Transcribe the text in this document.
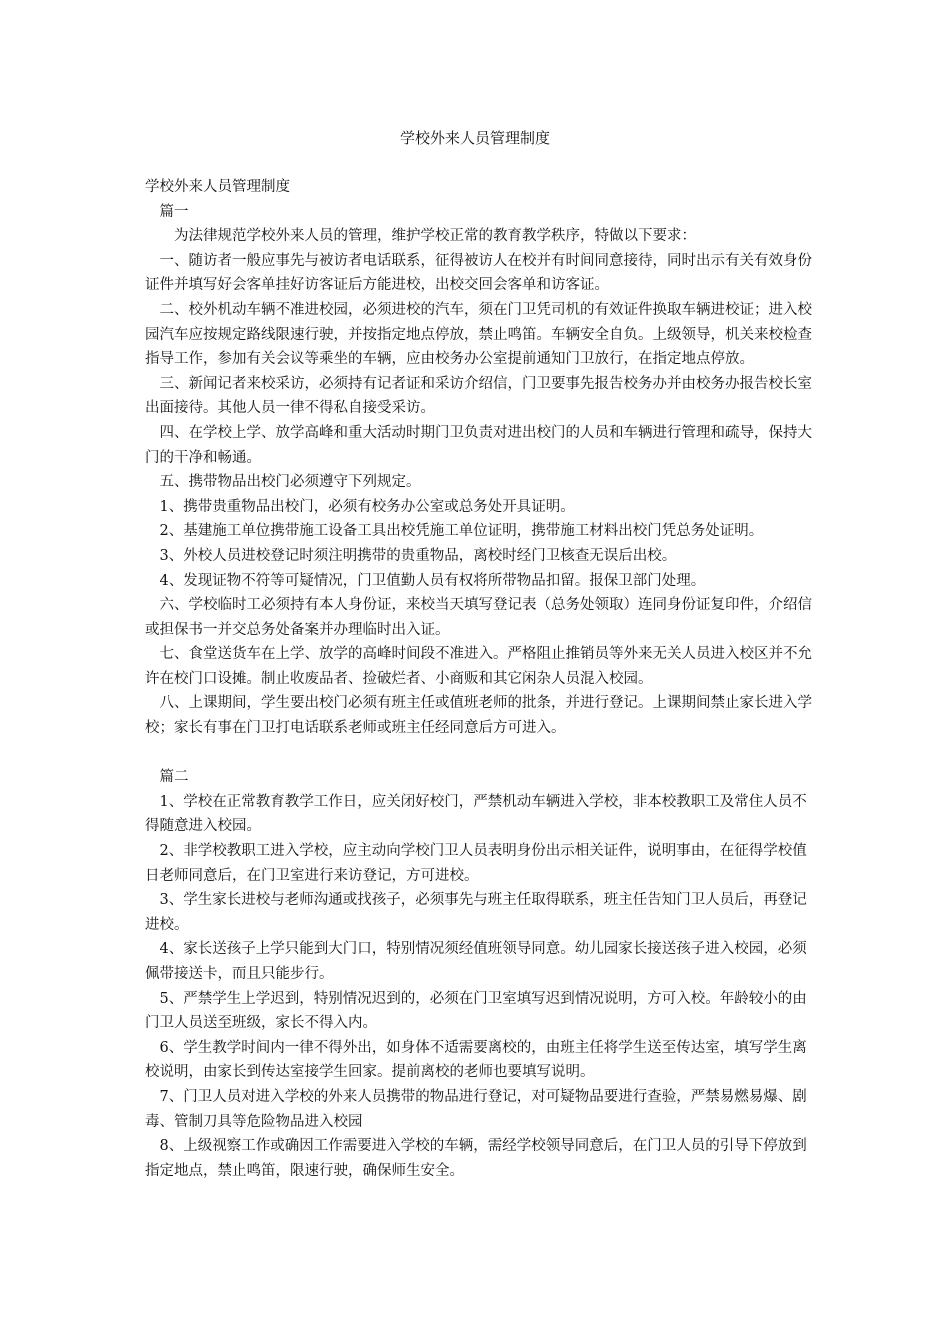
学校外来人员管理制度

学校外来人员管理制度

篇一

为法律规范学校外来人员的管理，维护学校正常的教育教学秩序，特做以下要求：

一、随访者一般应事先与被访者电话联系，征得被访人在校并有时间同意接待，同时出示有关有效身份证件并填写好会客单挂好访客证后方能进校，出校交回会客单和访客证。

二、校外机动车辆不准进校园，必须进校的汽车，须在门卫凭司机的有效证件换取车辆进校证；进入校园汽车应按规定路线限速行驶，并按指定地点停放，禁止鸣笛。车辆安全自负。上级领导，机关来校检查指导工作，参加有关会议等乘坐的车辆，应由校务办公室提前通知门卫放行，在指定地点停放。

三、新闻记者来校采访，必须持有记者证和采访介绍信，门卫要事先报告校务办并由校务办报告校长室出面接待。其他人员一律不得私自接受采访。

四、在学校上学、放学高峰和重大活动时期门卫负责对进出校门的人员和车辆进行管理和疏导，保持大门的干净和畅通。

五、携带物品出校门必须遵守下列规定。

1、携带贵重物品出校门，必须有校务办公室或总务处开具证明。

2、基建施工单位携带施工设备工具出校凭施工单位证明，携带施工材料出校门凭总务处证明。

3、外校人员进校登记时须注明携带的贵重物品，离校时经门卫核查无误后出校。

4、发现证物不符等可疑情况，门卫值勤人员有权将所带物品扣留。报保卫部门处理。

六、学校临时工必须持有本人身份证，来校当天填写登记表（总务处领取）连同身份证复印件，介绍信或担保书一并交总务处备案并办理临时出入证。

七、食堂送货车在上学、放学的高峰时间段不准进入。严格阻止推销员等外来无关人员进入校区并不允许在校门口设摊。制止收废品者、捡破烂者、小商贩和其它闲杂人员混入校园。

八、上课期间，学生要出校门必须有班主任或值班老师的批条，并进行登记。上课期间禁止家长进入学校；家长有事在门卫打电话联系老师或班主任经同意后方可进入。

篇二

1、学校在正常教育教学工作日，应关闭好校门，严禁机动车辆进入学校，非本校教职工及常住人员不得随意进入校园。

2、非学校教职工进入学校，应主动向学校门卫人员表明身份出示相关证件，说明事由，在征得学校值日老师同意后，在门卫室进行来访登记，方可进校。

3、学生家长进校与老师沟通或找孩子，必须事先与班主任取得联系，班主任告知门卫人员后，再登记进校。

4、家长送孩子上学只能到大门口，特别情况须经值班领导同意。幼儿园家长接送孩子进入校园，必须佩带接送卡，而且只能步行。

5、严禁学生上学迟到，特别情况迟到的，必须在门卫室填写迟到情况说明，方可入校。年龄较小的由门卫人员送至班级，家长不得入内。

6、学生教学时间内一律不得外出，如身体不适需要离校的，由班主任将学生送至传达室，填写学生离校说明，由家长到传达室接学生回家。提前离校的老师也要填写说明。

7、门卫人员对进入学校的外来人员携带的物品进行登记，对可疑物品要进行查验，严禁易燃易爆、剧毒、管制刀具等危险物品进入校园

8、上级视察工作或确因工作需要进入学校的车辆，需经学校领导同意后，在门卫人员的引导下停放到指定地点，禁止鸣笛，限速行驶，确保师生安全。
